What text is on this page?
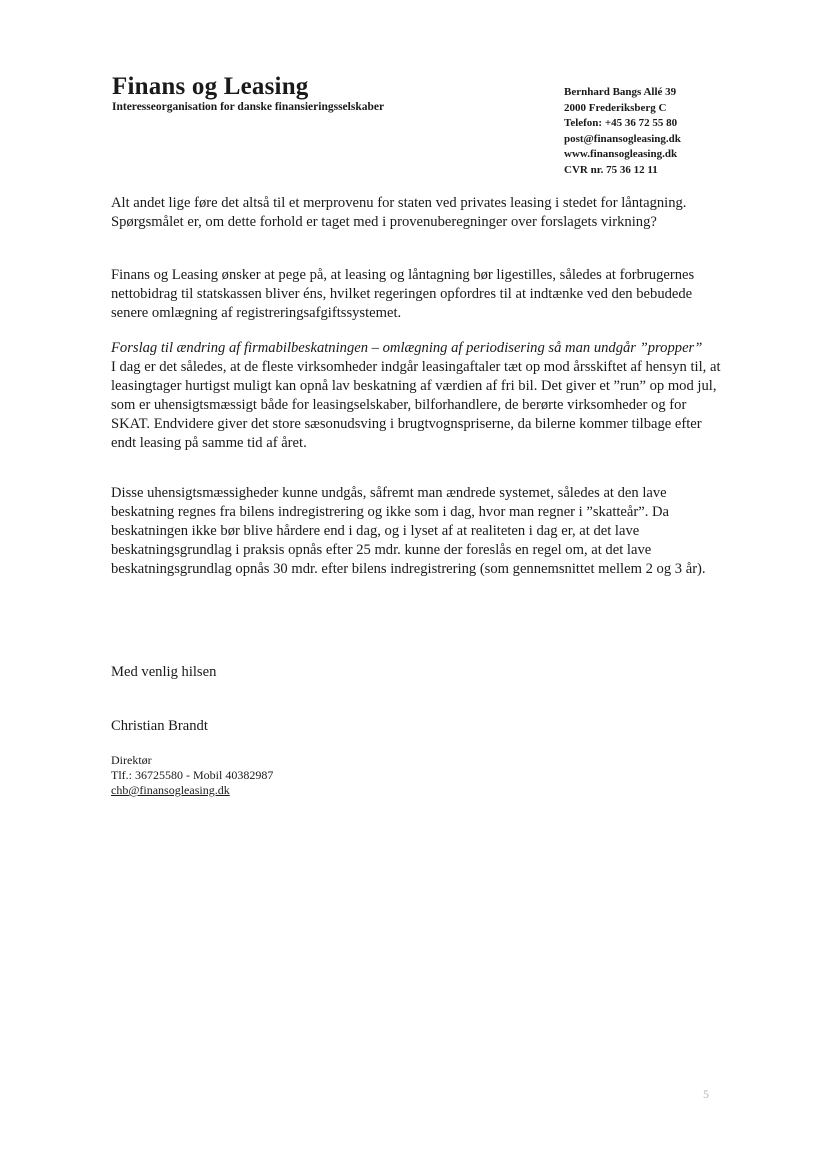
Finans og Leasing

Interesseorganisation for danske finansieringsselskaber

Bernhard Bangs Allé 39
2000 Frederiksberg C
Telefon: +45 36 72 55 80
post@finansogleasing.dk
www.finansogleasing.dk
CVR nr. 75 36 12 11

Alt andet lige føre det altså til et merprovenu for staten ved privates leasing i stedet for låntagning. Spørgsmålet er, om dette forhold er taget med i provenuberegninger over forslagets virkning?

Finans og Leasing ønsker at pege på, at leasing og låntagning bør ligestilles, således at forbrugernes nettobidrag til statskassen bliver éns, hvilket regeringen opfordres til at indtænke ved den bebudede senere omlægning af registreringsafgiftssystemet.

Forslag til ændring af firmabilbeskatningen – omlægning af periodisering så man undgår ”propper”
I dag er det således, at de fleste virksomheder indgår leasingaftaler tæt op mod årsskiftet af hensyn til, at leasingtager hurtigst muligt kan opnå lav beskatning af værdien af fri bil. Det giver et ”run” op mod jul, som er uhensigtsmæssigt både for leasingselskaber, bilforhandlere, de berørte virksomheder og for SKAT. Endvidere giver det store sæsonudsving i brugtvognspriserne, da bilerne kommer tilbage efter endt leasing på samme tid af året.

Disse uhensigtsmæssigheder kunne undgås, såfremt man ændrede systemet, således at den lave beskatning regnes fra bilens indregistrering og ikke som i dag, hvor man regner i ”skatteår”. Da beskatningen ikke bør blive hårdere end i dag, og i lyset af at realiteten i dag er, at det lave beskatningsgrundlag i praksis opnås efter 25 mdr. kunne der foreslås en regel om, at det lave beskatningsgrundlag opnås 30 mdr. efter bilens indregistrering (som gennemsnittet mellem 2 og 3 år).

Med venlig hilsen

Christian Brandt

Direktør
Tlf.: 36725580 - Mobil 40382987
chb@finansogleasing.dk
5
